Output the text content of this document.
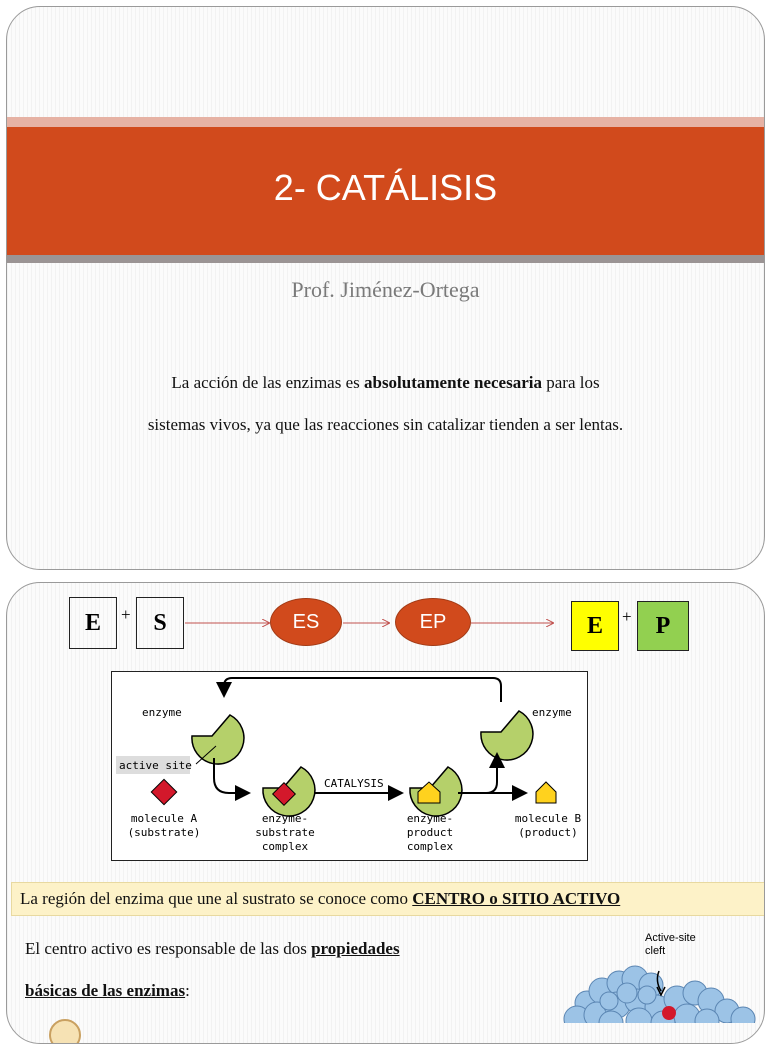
2- CATÁLISIS
Prof. Jiménez-Ortega
La acción de las enzimas es absolutamente necesaria para los
sistemas vivos, ya que las reacciones sin catalizar tienden a ser lentas.
E	+ S	ES	EP	E	+	P
active site
enzyme	enzyme
CATALYSIS
molecule A
(substrate)
enzyme-
substrate
complex
enzyme-
product
complex
molecule B
(product)
La región del enzima que une al sustrato se conoce como CENTRO o SITIO ACTIVO
El centro activo es responsable de las dos propiedades
básicas de las enzimas:
Active-site
cleft
